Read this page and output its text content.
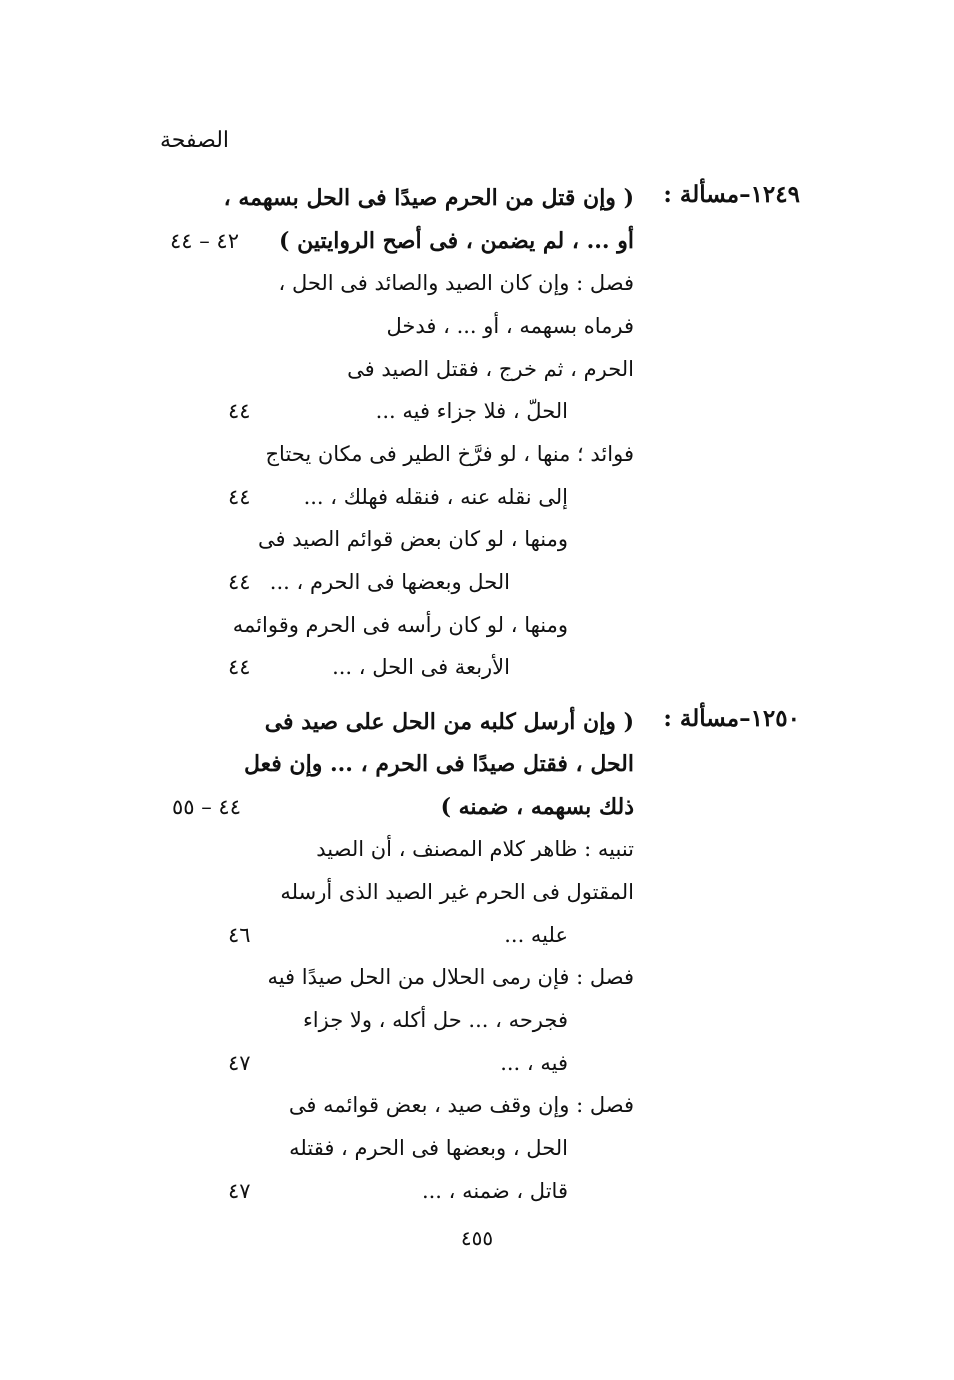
الصفحة
١٢٤٩–مسألة :
( وإن قتل من الحرم صيدًا فى الحل بسهمه ،
أو ... ، لم يضمن ، فى أصح الروايتين )
٤٢ – ٤٤
فصل : وإن كان الصيد والصائد فى الحل ،
فرماه بسهمه ، أو ... ، فدخل
الحرم ، ثم خرج ، فقتل الصيد فى
الحلّ ، فلا جزاء فيه ...
٤٤
فوائد ؛ منها ، لو فرَّخ الطير فى مكان يحتاج
إلى نقله عنه ، فنقله فهلك ، ...
٤٤
ومنها ، لو كان بعض قوائم الصيد فى
الحل وبعضها فى الحرم ، ...
٤٤
ومنها ، لو كان رأسه فى الحرم وقوائمه
الأربعة فى الحل ، ...
٤٤
١٢٥٠–مسألة :
( وإن أرسل كلبه من الحل على صيد فى
الحل ، فقتل صيدًا فى الحرم ، ... وإن فعل
ذلك بسهمه ، ضمنه )
٤٤ – ٥٥
تنبيه : ظاهر كلام المصنف ، أن الصيد
المقتول فى الحرم غير الصيد الذى أرسله
عليه ...
٤٦
فصل : فإن رمى الحلال من الحل صيدًا فيه
فجرحه ، ... حل أكله ، ولا جزاء
فيه ، ...
٤٧
فصل : وإن وقف صيد ، بعض قوائمه فى
الحل ، وبعضها فى الحرم ، فقتله
قاتل ، ضمنه ، ...
٤٧
٤٥٥
